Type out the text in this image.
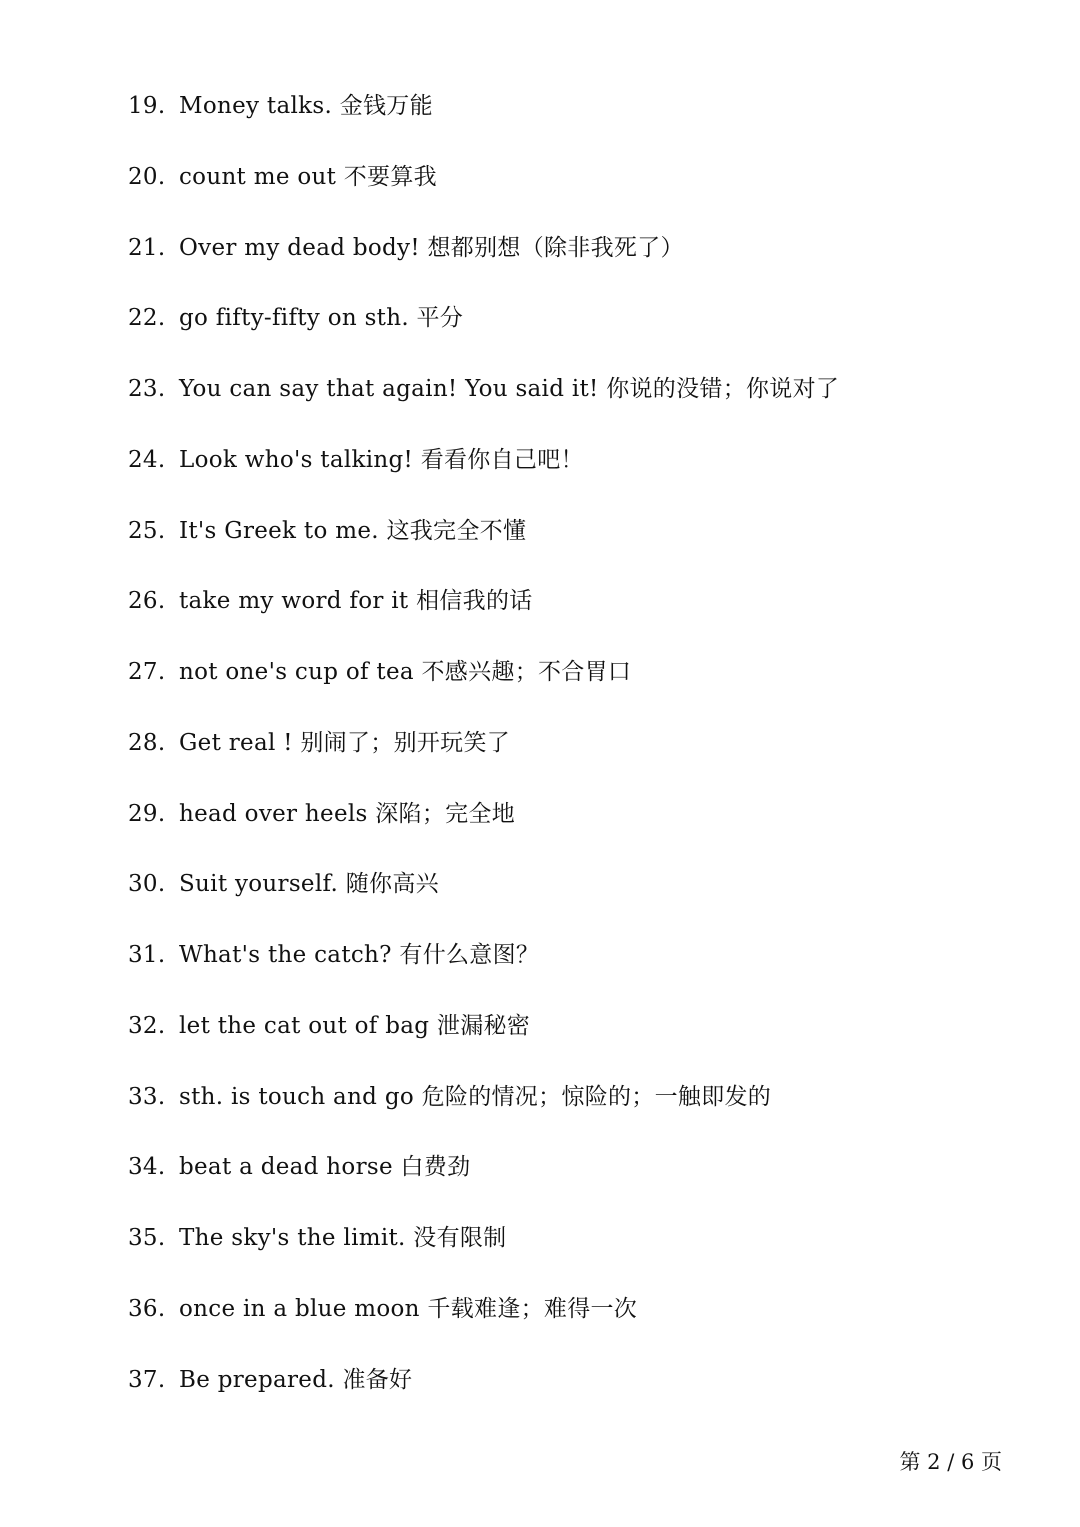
19. Money talks. 金钱万能
20. count me out 不要算我
21. Over my dead body! 想都别想（除非我死了）
22. go fifty-fifty on sth. 平分
23. You can say that again! You said it! 你说的没错；你说对了
24. Look who's talking! 看看你自己吧！
25. It's Greek to me. 这我完全不懂
26. take my word for it 相信我的话
27. not one's cup of tea 不感兴趣；不合胃口
28. Get real ! 别闹了；别开玩笑了
29. head over heels 深陷；完全地
30. Suit yourself. 随你高兴
31. What's the catch? 有什么意图？
32. let the cat out of bag 泄漏秘密
33. sth. is touch and go 危险的情况；惊险的；一触即发的
34. beat a dead horse 白费劲
35. The sky's the limit. 没有限制
36. once in a blue moon 千载难逢；难得一次
37. Be prepared. 准备好
第 2 / 6 页
